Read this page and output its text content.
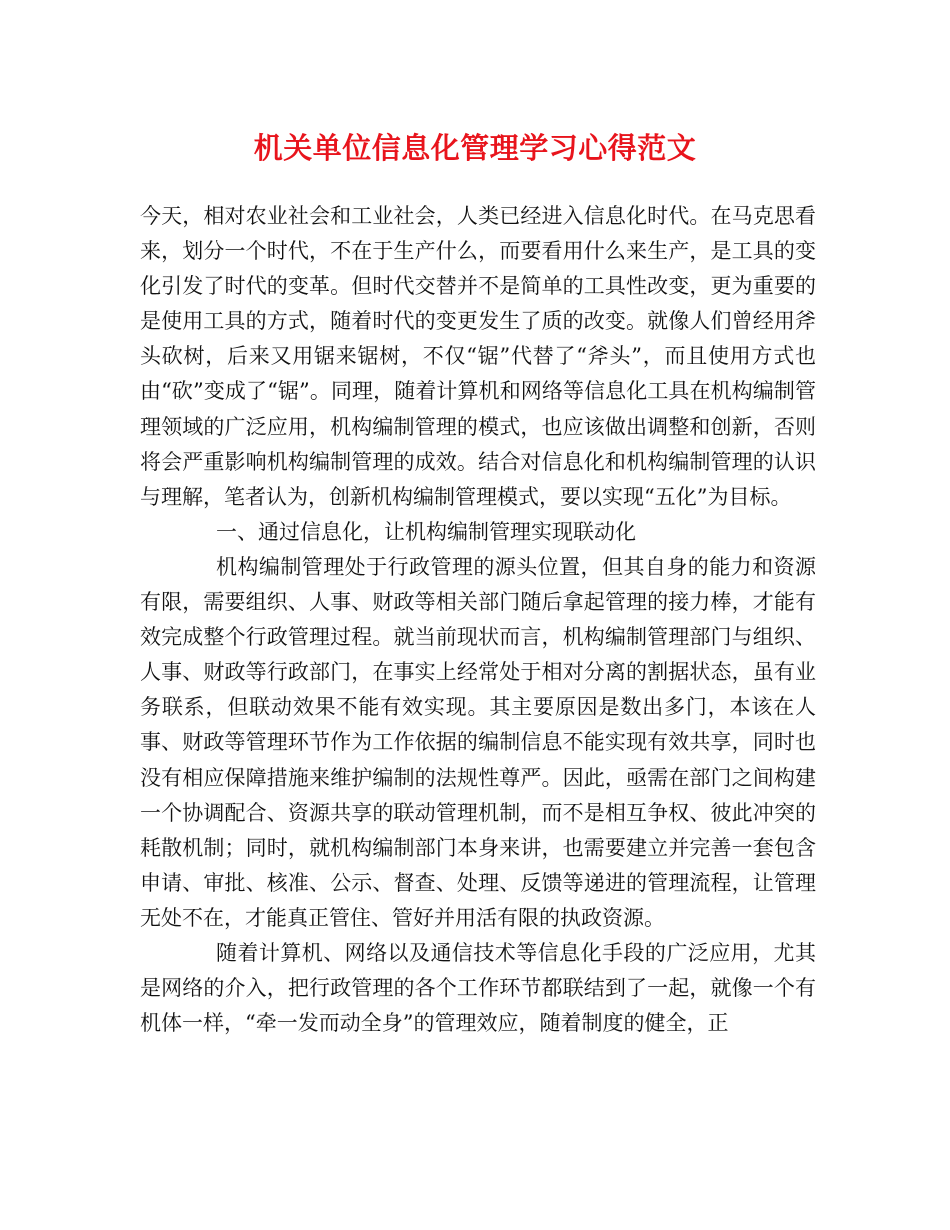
机关单位信息化管理学习心得范文

今天，相对农业社会和工业社会，人类已经进入信息化时代。在马克思看来，划分一个时代，不在于生产什么，而要看用什么来生产，是工具的变化引发了时代的变革。但时代交替并不是简单的工具性改变，更为重要的是使用工具的方式，随着时代的变更发生了质的改变。就像人们曾经用斧头砍树，后来又用锯来锯树，不仅“锯”代替了“斧头”，而且使用方式也由“砍”变成了“锯”。同理，随着计算机和网络等信息化工具在机构编制管理领域的广泛应用，机构编制管理的模式，也应该做出调整和创新，否则将会严重影响机构编制管理的成效。结合对信息化和机构编制管理的认识与理解，笔者认为，创新机构编制管理模式，要以实现“五化”为目标。

一、通过信息化，让机构编制管理实现联动化

机构编制管理处于行政管理的源头位置，但其自身的能力和资源有限，需要组织、人事、财政等相关部门随后拿起管理的接力棒，才能有效完成整个行政管理过程。就当前现状而言，机构编制管理部门与组织、人事、财政等行政部门，在事实上经常处于相对分离的割据状态，虽有业务联系，但联动效果不能有效实现。其主要原因是数出多门，本该在人事、财政等管理环节作为工作依据的编制信息不能实现有效共享，同时也没有相应保障措施来维护编制的法规性尊严。因此，亟需在部门之间构建一个协调配合、资源共享的联动管理机制，而不是相互争权、彼此冲突的耗散机制；同时，就机构编制部门本身来讲，也需要建立并完善一套包含申请、审批、核准、公示、督查、处理、反馈等递进的管理流程，让管理无处不在，才能真正管住、管好并用活有限的执政资源。

随着计算机、网络以及通信技术等信息化手段的广泛应用，尤其是网络的介入，把行政管理的各个工作环节都联结到了一起，就像一个有机体一样，“牵一发而动全身”的管理效应，随着制度的健全，正
